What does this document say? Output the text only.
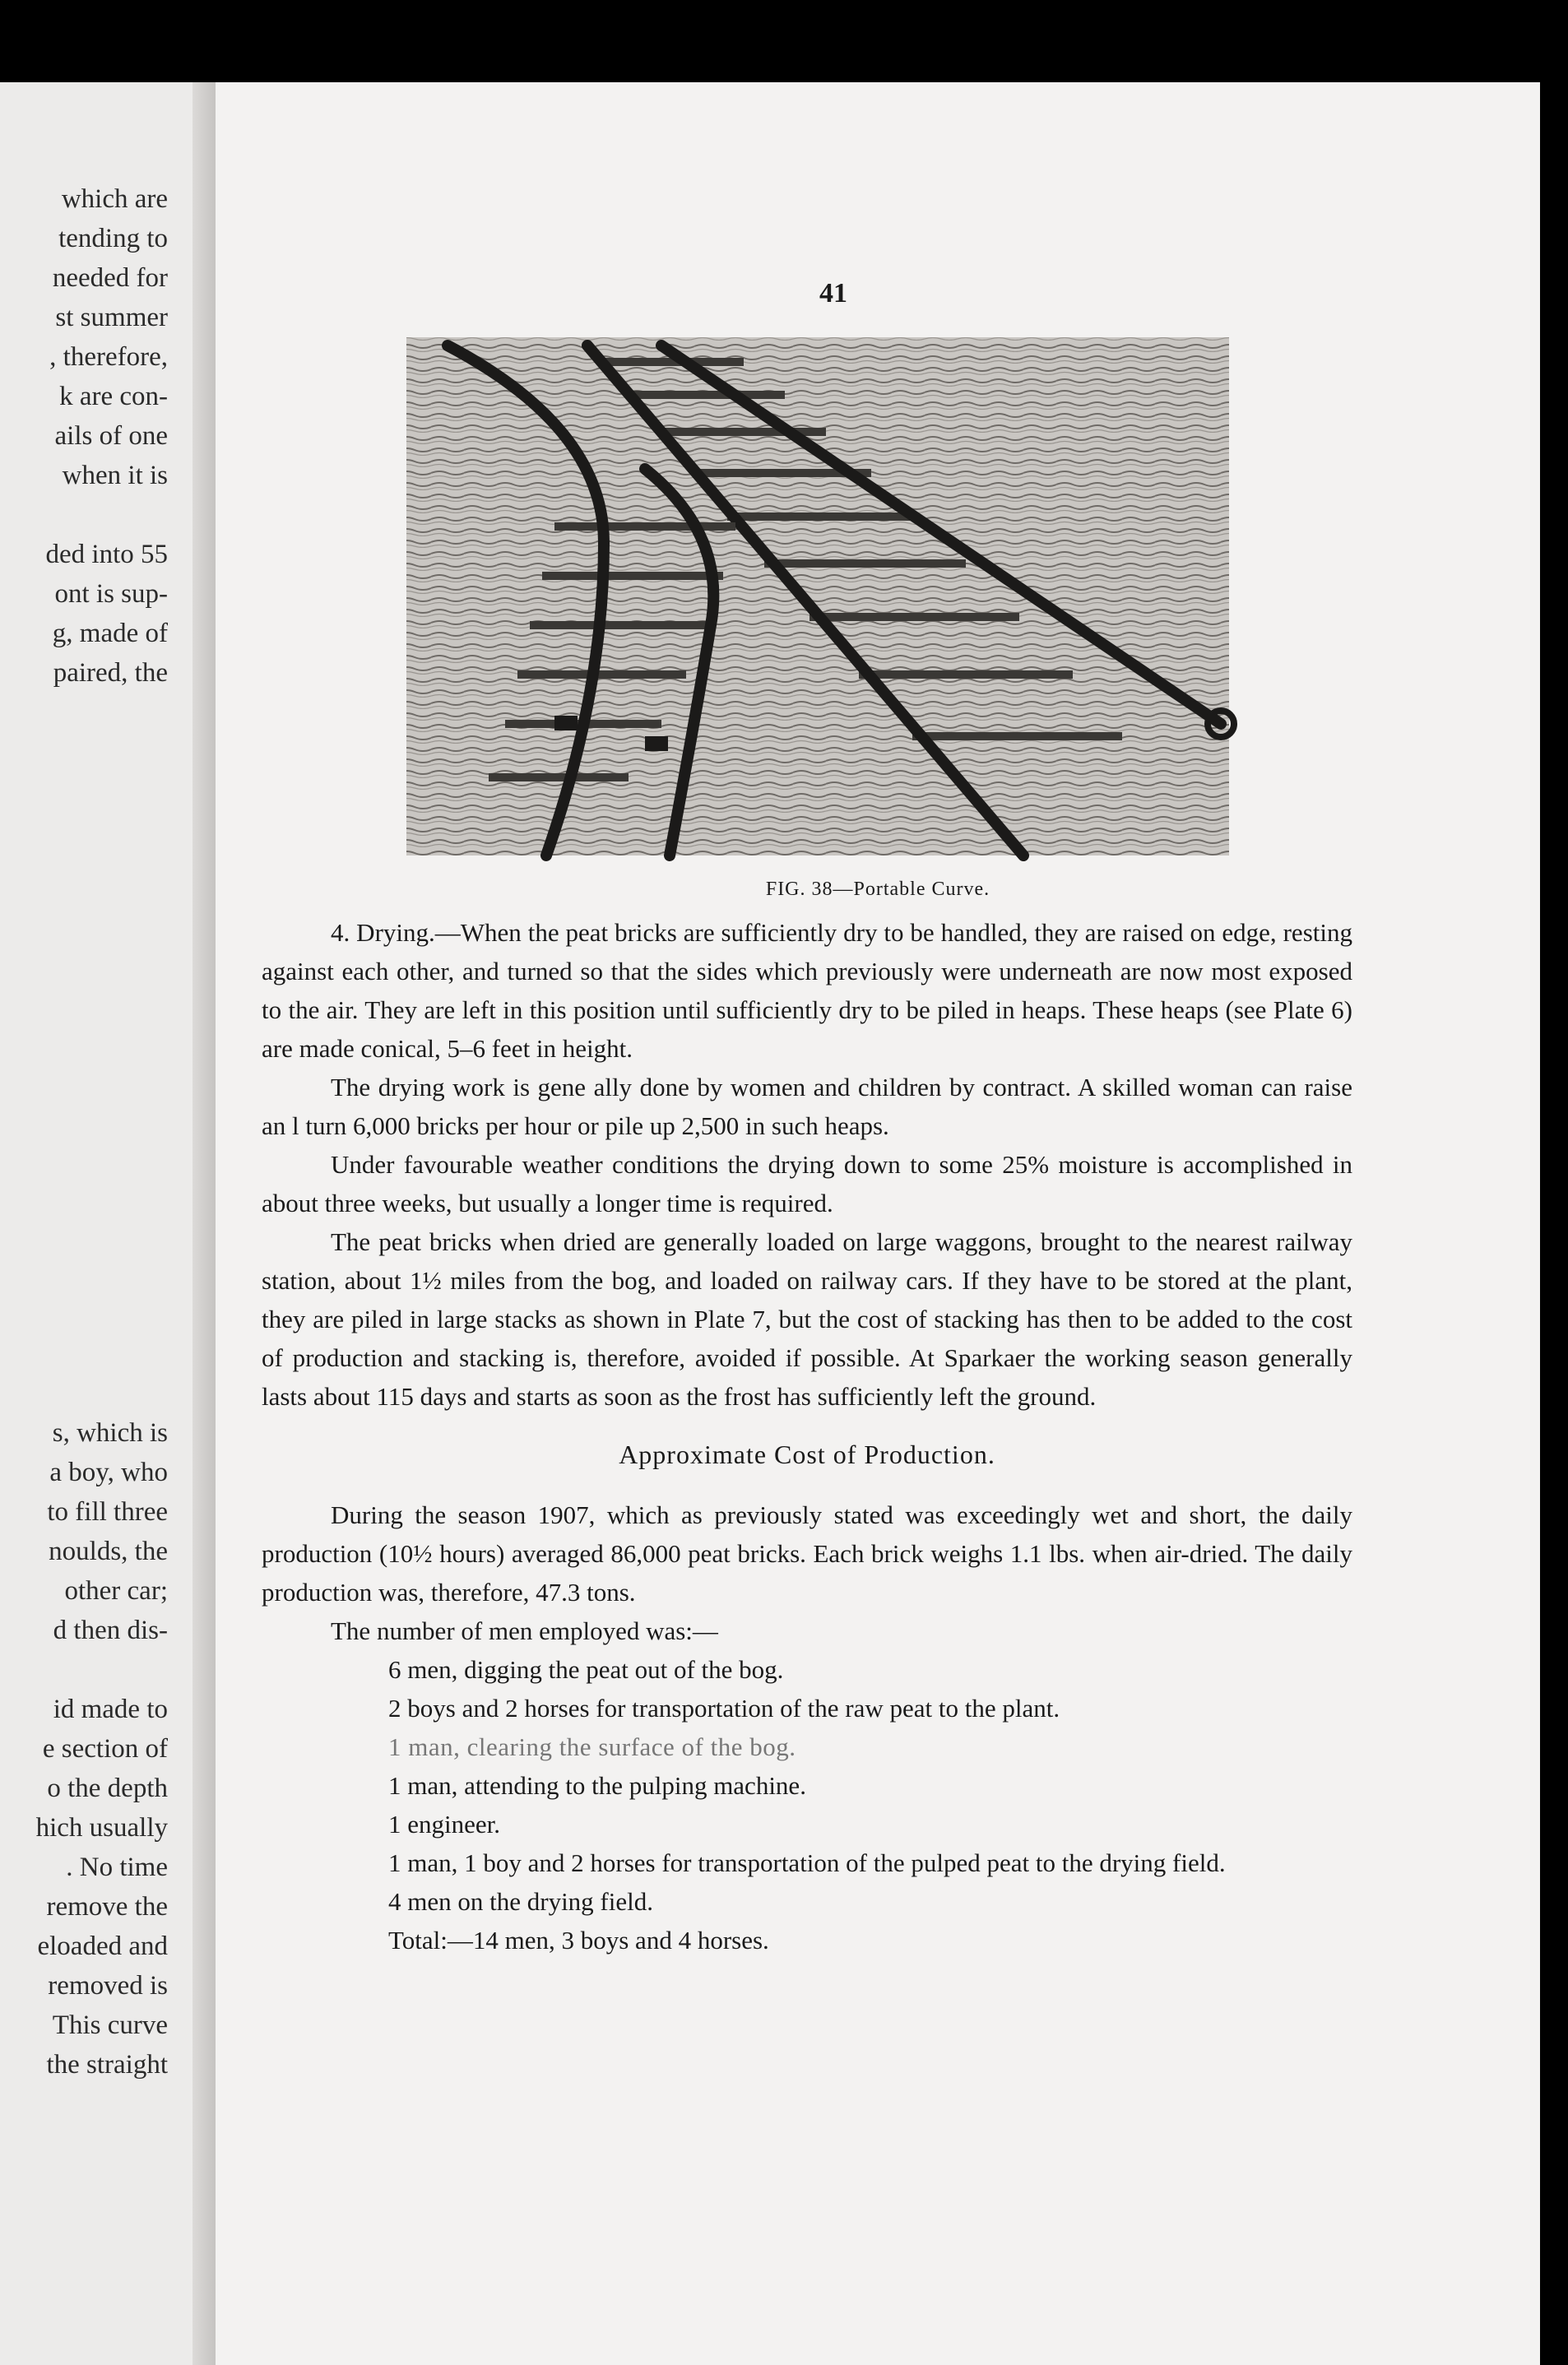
which are
tending to
needed for
st summer
, therefore,
k are con-
ails of one
when it is

ded into 55
ont is sup-
g, made of
paired, the
s, which is
a boy, who
to fill three
noulds, the
other car;
d then dis-

id made to
e section of
o the depth
hich usually
. No time
remove the
eloaded and
removed is
This curve
the straight
41
FIG. 38—Portable Curve.

4. Drying.—When the peat bricks are sufficiently dry to be handled, they are raised on edge, resting against each other, and turned so that the sides which previously were underneath are now most exposed to the air. They are left in this position until sufficiently dry to be piled in heaps. These heaps (see Plate 6) are made conical, 5–6 feet in height.

The drying work is gene ally done by women and children by contract. A skilled woman can raise an l turn 6,000 bricks per hour or pile up 2,500 in such heaps.

Under favourable weather conditions the drying down to some 25% moisture is accomplished in about three weeks, but usually a longer time is required.

The peat bricks when dried are generally loaded on large waggons, brought to the nearest railway station, about 1½ miles from the bog, and loaded on railway cars. If they have to be stored at the plant, they are piled in large stacks as shown in Plate 7, but the cost of stacking has then to be added to the cost of production and stacking is, therefore, avoided if possible. At Sparkaer the working season generally lasts about 115 days and starts as soon as the frost has sufficiently left the ground.

Approximate Cost of Production.

During the season 1907, which as previously stated was exceedingly wet and short, the daily production (10½ hours) averaged 86,000 peat bricks. Each brick weighs 1.1 lbs. when air-dried. The daily production was, therefore, 47.3 tons.

The number of men employed was:—

6 men, digging the peat out of the bog.
2 boys and 2 horses for transportation of the raw peat to the plant.
1 man, clearing the surface of the bog.
1 man, attending to the pulping machine.
1 engineer.
1 man, 1 boy and 2 horses for transportation of the pulped peat to the drying field.
4 men on the drying field.
Total:—14 men, 3 boys and 4 horses.
